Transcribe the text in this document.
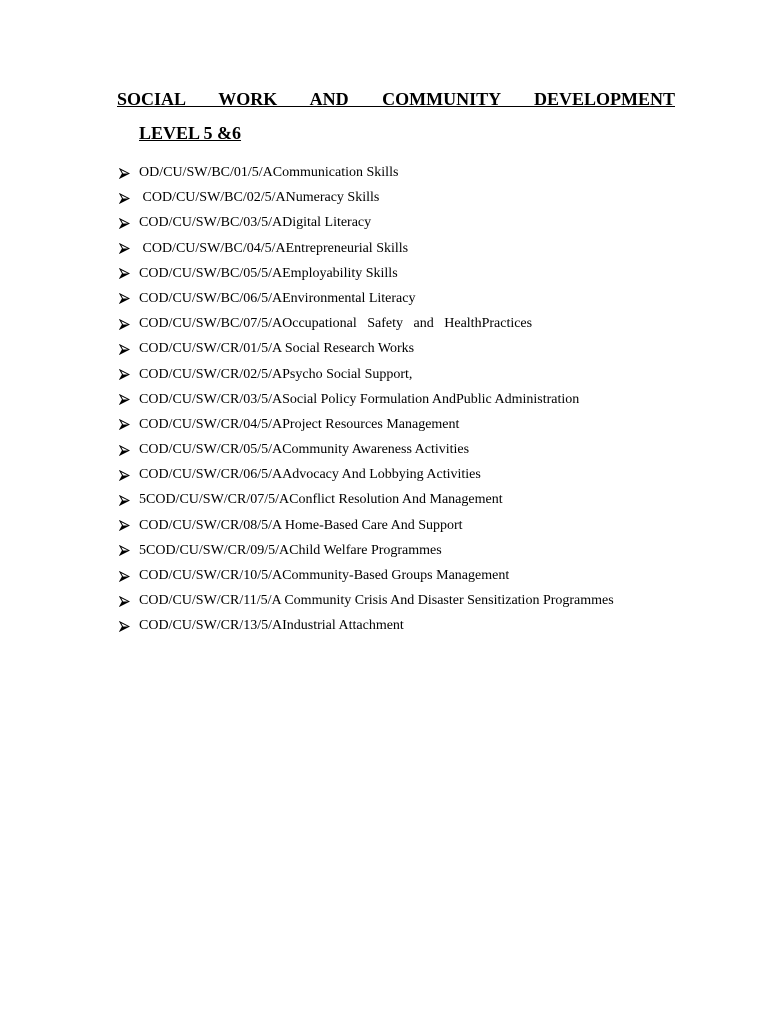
SOCIAL WORK AND COMMUNITY DEVELOPMENT
LEVEL 5 &6
OD/CU/SW/BC/01/5/ACommunication Skills
COD/CU/SW/BC/02/5/ANumeracy Skills
COD/CU/SW/BC/03/5/ADigital Literacy
COD/CU/SW/BC/04/5/AEntrepreneurial Skills
COD/CU/SW/BC/05/5/AEmployability Skills
COD/CU/SW/BC/06/5/AEnvironmental Literacy
COD/CU/SW/BC/07/5/AOccupational   Safety   and   HealthPractices
COD/CU/SW/CR/01/5/A Social Research Works
COD/CU/SW/CR/02/5/APsycho Social Support,
COD/CU/SW/CR/03/5/ASocial Policy Formulation AndPublic Administration
COD/CU/SW/CR/04/5/AProject Resources Management
COD/CU/SW/CR/05/5/ACommunity Awareness Activities
COD/CU/SW/CR/06/5/AAdvocacy And Lobbying Activities
5COD/CU/SW/CR/07/5/AConflict Resolution And Management
COD/CU/SW/CR/08/5/A Home-Based Care And Support
5COD/CU/SW/CR/09/5/AChild Welfare Programmes
COD/CU/SW/CR/10/5/ACommunity-Based Groups Management
COD/CU/SW/CR/11/5/A Community Crisis And Disaster Sensitization Programmes
COD/CU/SW/CR/13/5/AIndustrial Attachment
